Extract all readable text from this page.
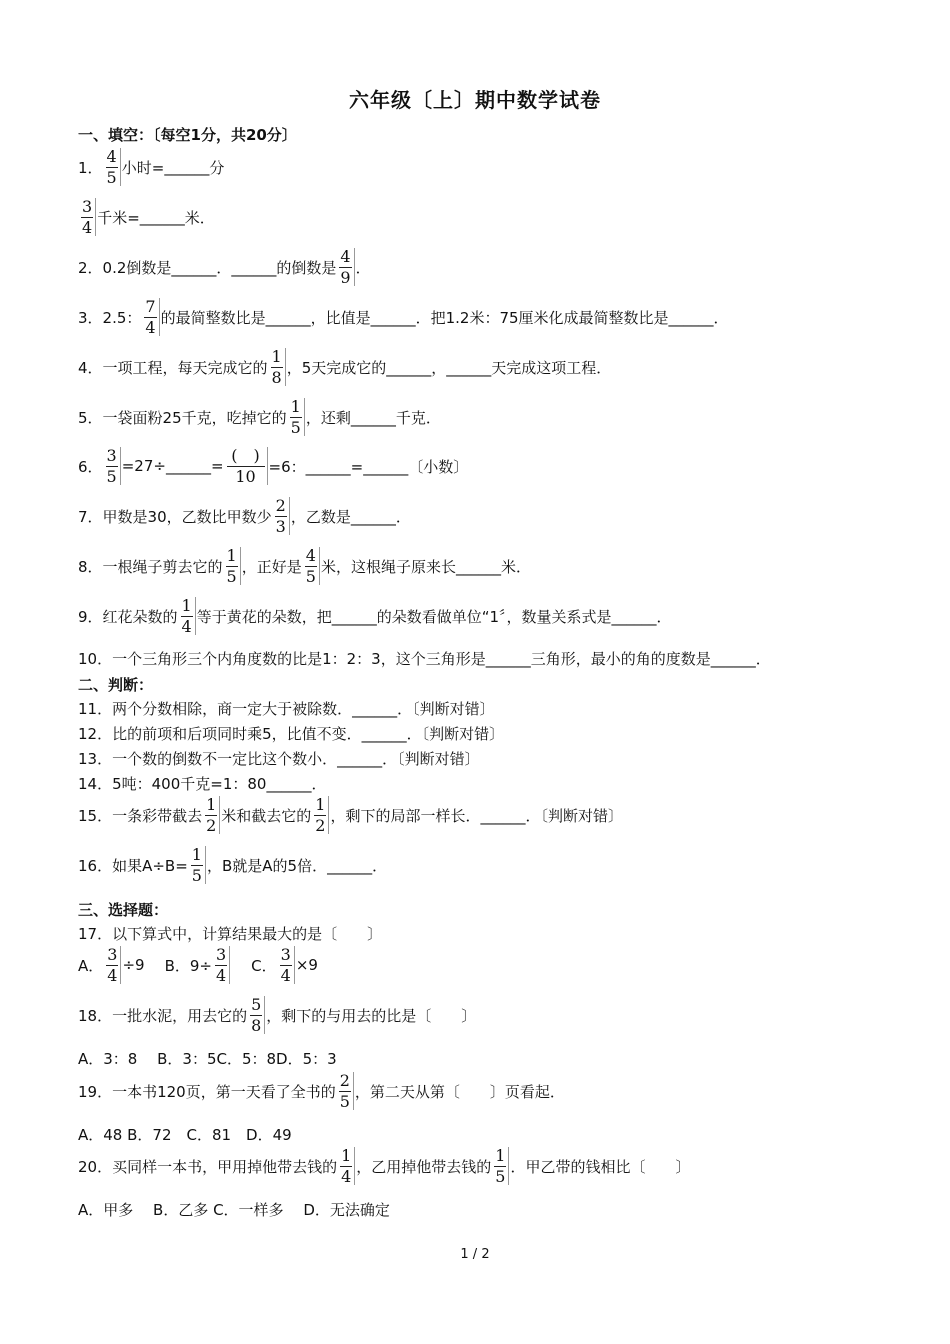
六年级〔上〕期中数学试卷
一、填空：〔每空1分，共20分〕
1． $\frac{4}{5}$ 小时= ______ 分
$\frac{3}{4}$ 千米= ______ 米．
2．0.2倒数是______．______的倒数是 $\frac{4}{9}$ ．
3．2.5： $\frac{7}{4}$ 的最简整数比是______，比值是______．把1.2米：75厘米化成最简整数比是______．
4．一项工程，每天完成它的 $\frac{1}{8}$ ，5天完成它的______，______天完成这项工程．
5．一袋面粉25千克，吃掉它的 $\frac{1}{5}$ ，还剩______千克．
6． $\frac{3}{5}$ =27÷______= $\frac{( )}{10} =6$：______=______〔小数〕
7．甲数是30，乙数比甲数少 $\frac{2}{3}$ ，乙数是______．
8．一根绳子剪去它的 $\frac{1}{5}$ ，正好是 $\frac{4}{5}$ 米，这根绳子原来长______米．
9．红花朵数的 $\frac{1}{4}$ 等于黄花的朵数，把______的朵数看做单位“1〞，数量关系式是______．
10．一个三角形三个内角度数的比是1：2：3，这个三角形是______三角形，最小的角的度数是______．
二、判断：
11．两个分数相除，商一定大于被除数．______．〔判断对错〕
12．比的前项和后项同时乘5，比值不变．______．〔判断对错〕
13．一个数的倒数不一定比这个数小．______．〔判断对错〕
14．5吨：400千克=1：80______．
15．一条彩带截去 $\frac{1}{2}$ 米和截去它的 $\frac{1}{2}$ ，剩下的局部一样长．______．〔判断对错〕
16．如果$A\div B= \frac{1}{5}$ ，B就是A的5倍．______．
三、选择题：
17．以下算式中，计算结果最大的是〔　　〕
A． $\frac{3}{4} \div 9$ B．$9\div \frac{3}{4}$ C． $\frac{3}{4} \times 9$
18．一批水泥，用去它的 $\frac{5}{8}$ ，剩下的与用去的比是〔　　〕
A．3：8　 B．3：5C．5：8D．5：3
19．一本书120页，第一天看了全书的 $\frac{2}{5}$ ，第二天从第〔　　〕页看起．
A．48 B．72　C．81　D．49
20．买同样一本书，甲用掉他带去钱的 $\frac{1}{4}$ ，乙用掉他带去钱的 $\frac{1}{5}$ ．甲乙带的钱相比〔　　〕
A．甲多　 B．乙多 C．一样多　 D．无法确定
1 / 2
